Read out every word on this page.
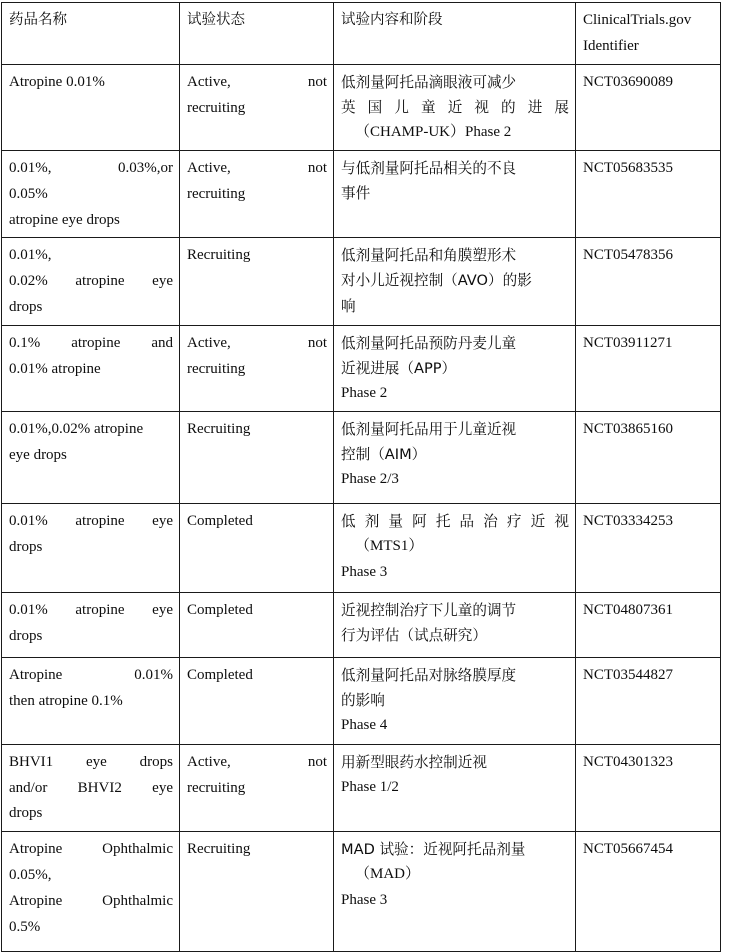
药品名称	试验状态	试验内容和阶段	ClinicalTrials.gov
Identifier

Atropine 0.01%	Active, not
recruiting	低剂量阿托品滴眼液可减少
英国儿童近视的进展
（CHAMP-UK）Phase 2	NCT03690089

0.01%, 0.03%,or
0.05%
atropine eye drops	Active, not
recruiting	与低剂量阿托品相关的不良
事件	NCT05683535

0.01%,
0.02% atropine eye
drops	Recruiting	低剂量阿托品和角膜塑形术
对小儿近视控制（AVO）的影
响	NCT05478356

0.1% atropine and
0.01% atropine	Active, not
recruiting	低剂量阿托品预防丹麦儿童
近视进展（APP）
Phase 2	NCT03911271

0.01%,0.02% atropine
eye drops	Recruiting	低剂量阿托品用于儿童近视
控制（AIM）
Phase 2/3	NCT03865160

0.01% atropine eye
drops	Completed	低剂量阿托品治疗近视
（MTS1）
Phase 3	NCT03334253

0.01% atropine eye
drops	Completed	近视控制治疗下儿童的调节
行为评估（试点研究）	NCT04807361

Atropine 0.01%
then atropine 0.1%	Completed	低剂量阿托品对脉络膜厚度
的影响
Phase 4	NCT03544827

BHVI1 eye drops
and/or BHVI2 eye
drops	Active, not
recruiting	用新型眼药水控制近视
Phase 1/2	NCT04301323

Atropine Ophthalmic
0.05%,
Atropine Ophthalmic
0.5%	Recruiting	MAD 试验：近视阿托品剂量
（MAD）
Phase 3	NCT05667454
